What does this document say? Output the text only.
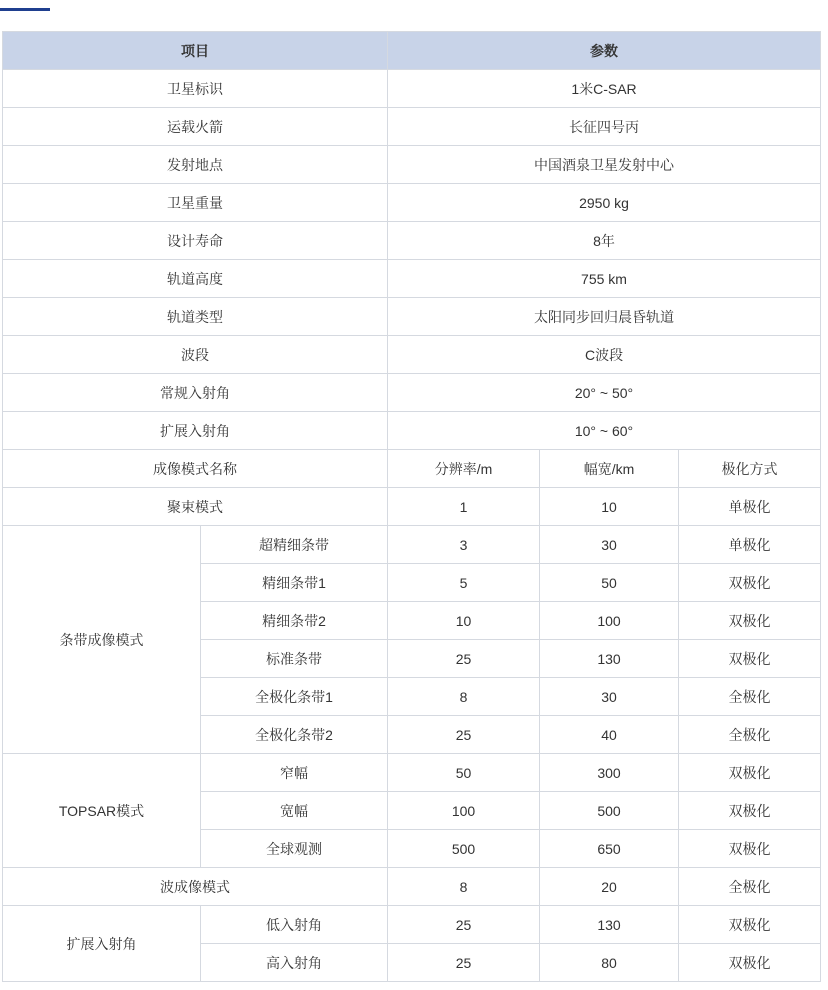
项目		参数		
卫星标识		1米C-SAR		
运载火箭		长征四号丙		
发射地点		中国酒泉卫星发射中心		
卫星重量		2950 kg		
设计寿命		8年		
轨道高度		755 km		
轨道类型		太阳同步回归晨昏轨道		
波段		C波段		
常规入射角		20° ~ 50°		
扩展入射角		10° ~ 60°		
成像模式名称		分辨率/m	幅宽/km	极化方式
聚束模式		1	10	单极化
条带成像模式	超精细条带	3	30	单极化
	精细条带1	5	50	双极化
	精细条带2	10	100	双极化
	标准条带	25	130	双极化
	全极化条带1	8	30	全极化
	全极化条带2	25	40	全极化
TOPSAR模式	窄幅	50	300	双极化
	宽幅	100	500	双极化
	全球观测	500	650	双极化
波成像模式		8	20	全极化
扩展入射角	低入射角	25	130	双极化
	高入射角	25	80	双极化
